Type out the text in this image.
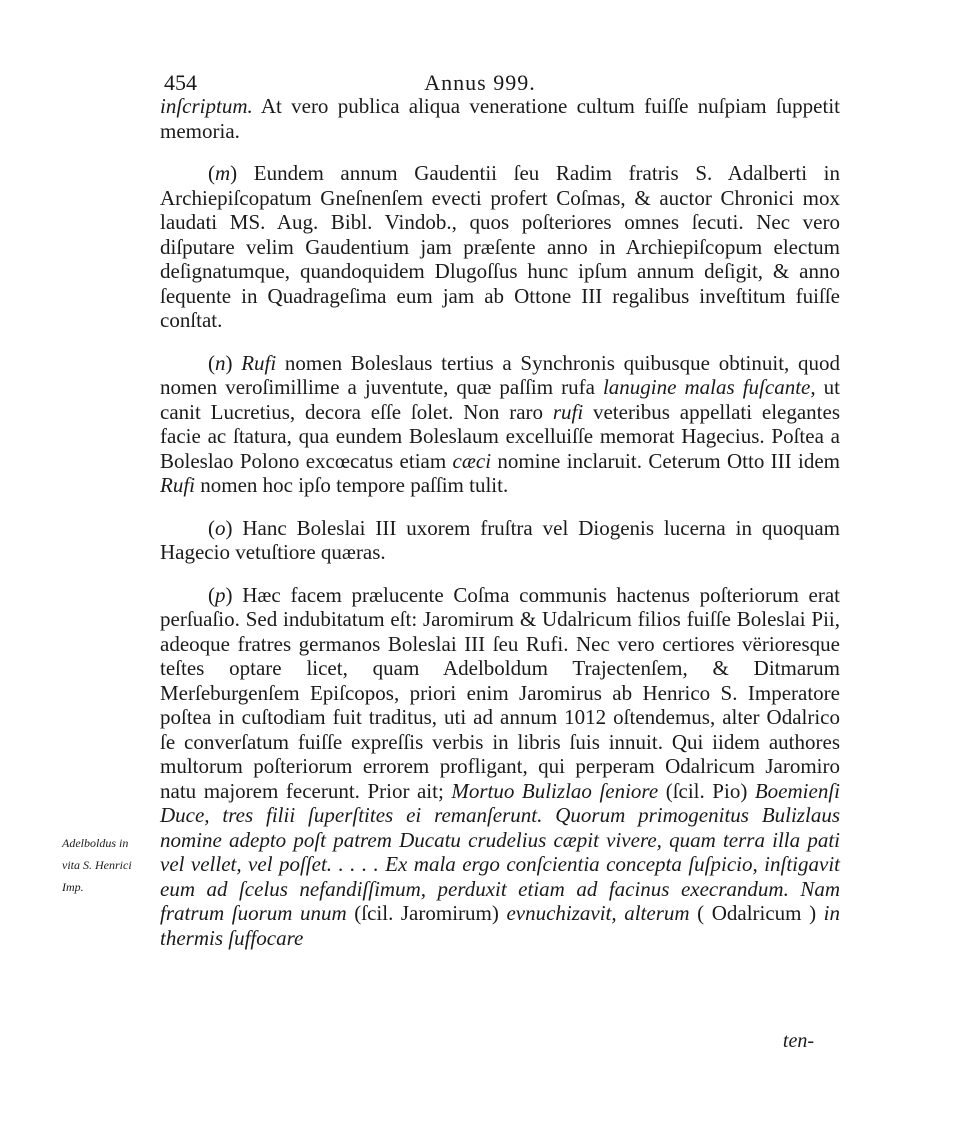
454	Annus 999.

inſcriptum. At vero publica aliqua veneratione cultum fuiſſe nuſpiam ſuppetit memoria.

(m) Eundem annum Gaudentii ſeu Radim fratris S. Adalberti in Archiepiſcopatum Gneſnenſem evecti profert Coſmas, & auctor Chronici mox laudati MS. Aug. Bibl. Vindob., quos poſteriores omnes ſecuti. Nec vero diſputare velim Gaudentium jam præſente anno in Archiepiſcopum electum deſignatumque, quandoquidem Dlugoſſus hunc ipſum annum deſigit, & anno ſequente in Quadrageſima eum jam ab Ottone III regalibus inveſtitum fuiſſe conſtat.

(n) Rufi nomen Boleslaus tertius a Synchronis quibusque obtinuit, quod nomen veroſimillime a juventute, quæ paſſim rufa lanugine malas fuſcante, ut canit Lucretius, decora eſſe ſolet. Non raro rufi veteribus appellati elegantes facie ac ſtatura, qua eundem Boleslaum excelluiſſe memorat Hagecius. Poſtea a Boleslao Polono excœcatus etiam cæci nomine inclaruit. Ceterum Otto III idem Rufi nomen hoc ipſo tempore paſſim tulit.

(o) Hanc Boleslai III uxorem fruſtra vel Diogenis lucerna in quoquam Hagecio vetuſtiore quæras.

(p) Hæc facem prælucente Coſma communis hactenus poſteriorum erat perſuaſio. Sed indubitatum eſt: Jaromirum & Udalricum filios fuiſſe Boleslai Pii, adeoque fratres germanos Boleslai III ſeu Rufi. Nec vero certiores vërioresque teſtes optare licet, quam Adelboldum Trajectenſem, & Ditmarum Merſeburgenſem Epiſcopos, priori enim Jaromirus ab Henrico S. Imperatore poſtea in cuſtodiam fuit traditus, uti ad annum 1012 oſtendemus, alter Odalrico ſe converſatum fuiſſe expreſſis verbis in libris ſuis innuit. Qui iidem authores multorum poſteriorum errorem profligant, qui perperam Odalricum Jaromiro natu majorem fecerunt. Prior ait; Mortuo Bulizlao ſeniore (ſcil. Pio) Boemienſi Duce, tres filii ſuperſtites ei remanſerunt. Quorum primogenitus Bulizlaus nomine adepto poſt patrem Ducatu crudelius cæpit vivere, quam terra illa pati vel vellet, vel poſſet. . . . . Ex mala ergo conſcientia concepta ſuſpicio, inſtigavit eum ad ſcelus nefandiſſimum, perduxit etiam ad facinus execrandum. Nam fratrum ſuorum unum (ſcil. Jaromirum) evnuchizavit, alterum ( Odalricum ) in thermis ſuffocare

Adelboldus in
vita S. Henrici
Imp.
ten-
